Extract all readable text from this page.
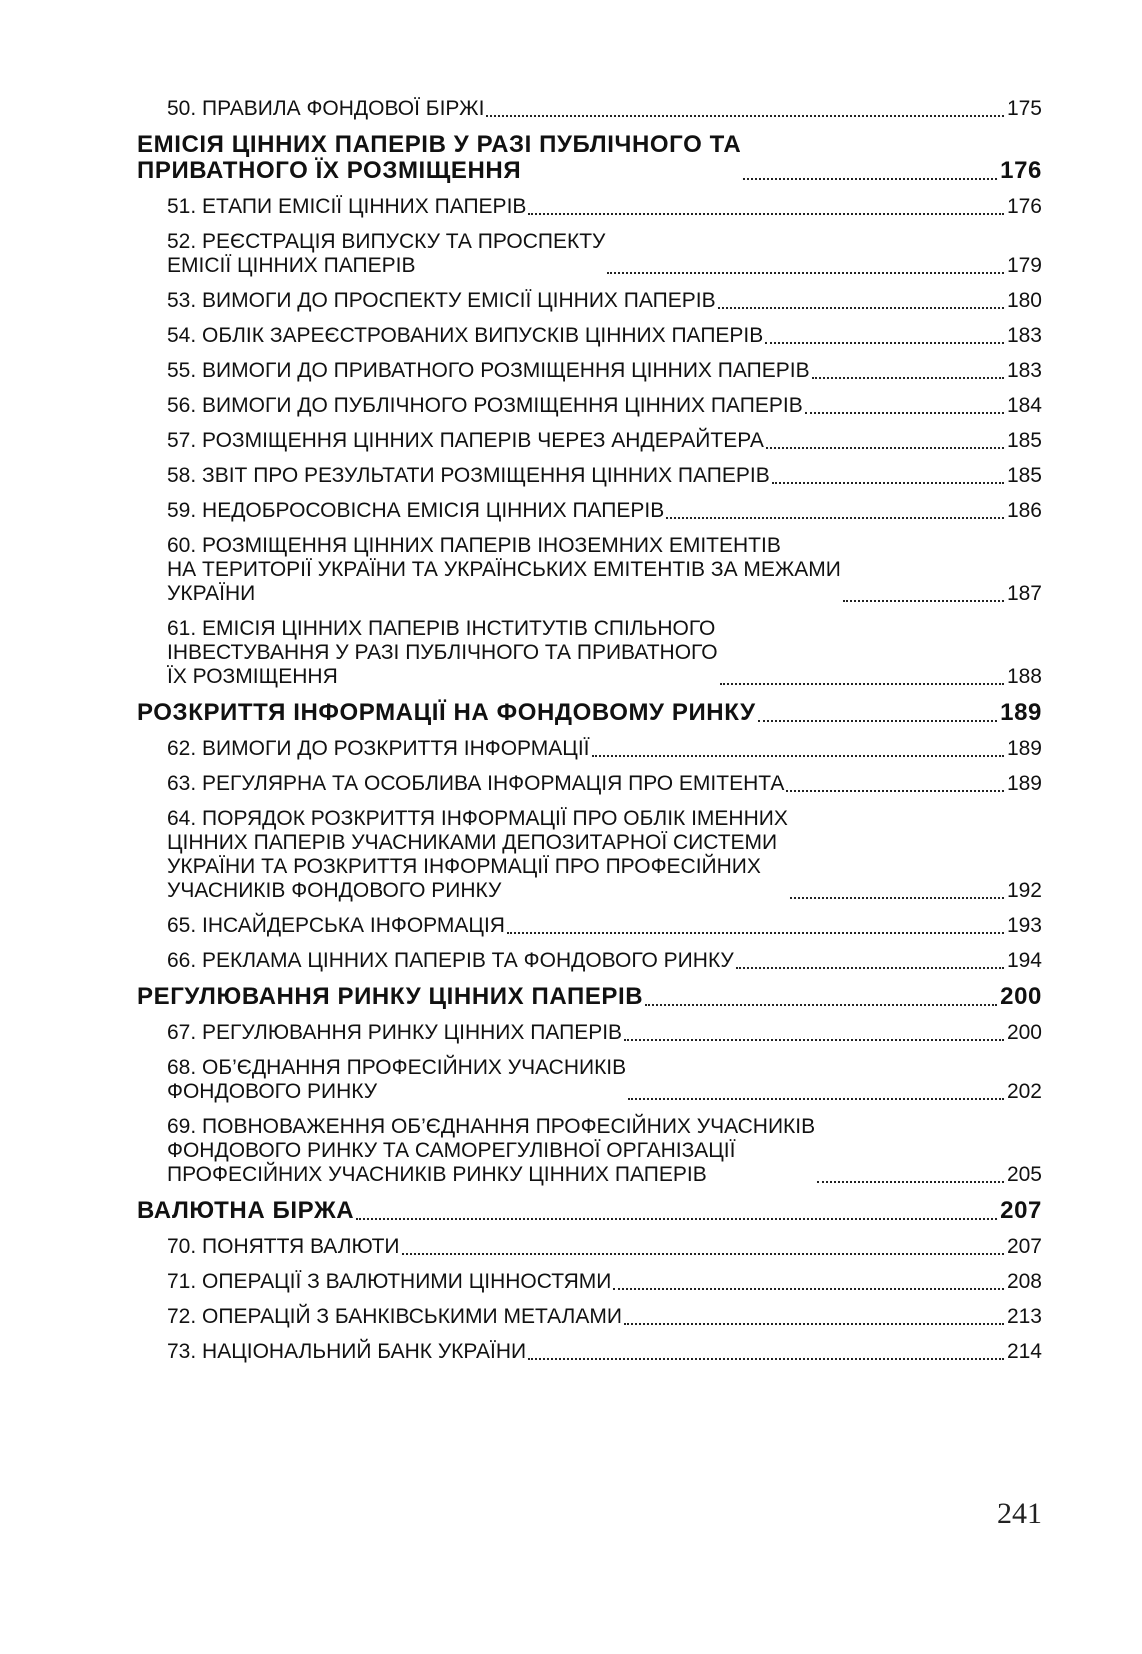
50. ПРАВИЛА ФОНДОВОЇ БІРЖІ	175
ЕМІСІЯ ЦІННИХ ПАПЕРІВ У РАЗІ ПУБЛІЧНОГО ТА
ПРИВАТНОГО ЇХ РОЗМІЩЕННЯ	176
51. ЕТАПИ ЕМІСІЇ ЦІННИХ ПАПЕРІВ	176
52. РЕЄСТРАЦІЯ ВИПУСКУ ТА ПРОСПЕКТУ
ЕМІСІЇ ЦІННИХ ПАПЕРІВ	179
53. ВИМОГИ ДО ПРОСПЕКТУ ЕМІСІЇ ЦІННИХ ПАПЕРІВ	180
54. ОБЛІК ЗАРЕЄСТРОВАНИХ ВИПУСКІВ ЦІННИХ ПАПЕРІВ	183
55. ВИМОГИ ДО ПРИВАТНОГО РОЗМІЩЕННЯ ЦІННИХ ПАПЕРІВ	183
56. ВИМОГИ ДО ПУБЛІЧНОГО РОЗМІЩЕННЯ ЦІННИХ ПАПЕРІВ	184
57. РОЗМІЩЕННЯ ЦІННИХ ПАПЕРІВ ЧЕРЕЗ АНДЕРАЙТЕРА	185
58. ЗВІТ ПРО РЕЗУЛЬТАТИ РОЗМІЩЕННЯ ЦІННИХ ПАПЕРІВ	185
59. НЕДОБРОСОВІСНА ЕМІСІЯ ЦІННИХ ПАПЕРІВ	186
60. РОЗМІЩЕННЯ ЦІННИХ ПАПЕРІВ ІНОЗЕМНИХ ЕМІТЕНТІВ
НА ТЕРИТОРІЇ УКРАЇНИ ТА УКРАЇНСЬКИХ ЕМІТЕНТІВ ЗА МЕЖАМИ
УКРАЇНИ	187
61. ЕМІСІЯ ЦІННИХ ПАПЕРІВ ІНСТИТУТІВ СПІЛЬНОГО
ІНВЕСТУВАННЯ У РАЗІ ПУБЛІЧНОГО ТА ПРИВАТНОГО
ЇХ РОЗМІЩЕННЯ	188
РОЗКРИТТЯ ІНФОРМАЦІЇ НА ФОНДОВОМУ РИНКУ	189
62. ВИМОГИ ДО РОЗКРИТТЯ ІНФОРМАЦІЇ	189
63. РЕГУЛЯРНА ТА ОСОБЛИВА ІНФОРМАЦІЯ ПРО ЕМІТЕНТА	189
64. ПОРЯДОК РОЗКРИТТЯ ІНФОРМАЦІЇ ПРО ОБЛІК ІМЕННИХ
ЦІННИХ ПАПЕРІВ УЧАСНИКАМИ ДЕПОЗИТАРНОЇ СИСТЕМИ
УКРАЇНИ ТА РОЗКРИТТЯ ІНФОРМАЦІЇ ПРО ПРОФЕСІЙНИХ
УЧАСНИКІВ ФОНДОВОГО РИНКУ	192
65. ІНСАЙДЕРСЬКА ІНФОРМАЦІЯ	193
66. РЕКЛАМА ЦІННИХ ПАПЕРІВ ТА ФОНДОВОГО РИНКУ	194
РЕГУЛЮВАННЯ РИНКУ ЦІННИХ ПАПЕРІВ	200
67. РЕГУЛЮВАННЯ РИНКУ ЦІННИХ ПАПЕРІВ	200
68. ОБ’ЄДНАННЯ ПРОФЕСІЙНИХ УЧАСНИКІВ
ФОНДОВОГО РИНКУ	202
69. ПОВНОВАЖЕННЯ ОБ’ЄДНАННЯ ПРОФЕСІЙНИХ УЧАСНИКІВ
ФОНДОВОГО РИНКУ ТА САМОРЕГУЛІВНОЇ ОРГАНІЗАЦІЇ
ПРОФЕСІЙНИХ УЧАСНИКІВ РИНКУ ЦІННИХ ПАПЕРІВ	205
ВАЛЮТНА БІРЖА	207
70. ПОНЯТТЯ ВАЛЮТИ	207
71. ОПЕРАЦІЇ З ВАЛЮТНИМИ ЦІННОСТЯМИ	208
72. ОПЕРАЦІЙ З БАНКІВСЬКИМИ МЕТАЛАМИ	213
73. НАЦІОНАЛЬНИЙ БАНК УКРАЇНИ	214
241
